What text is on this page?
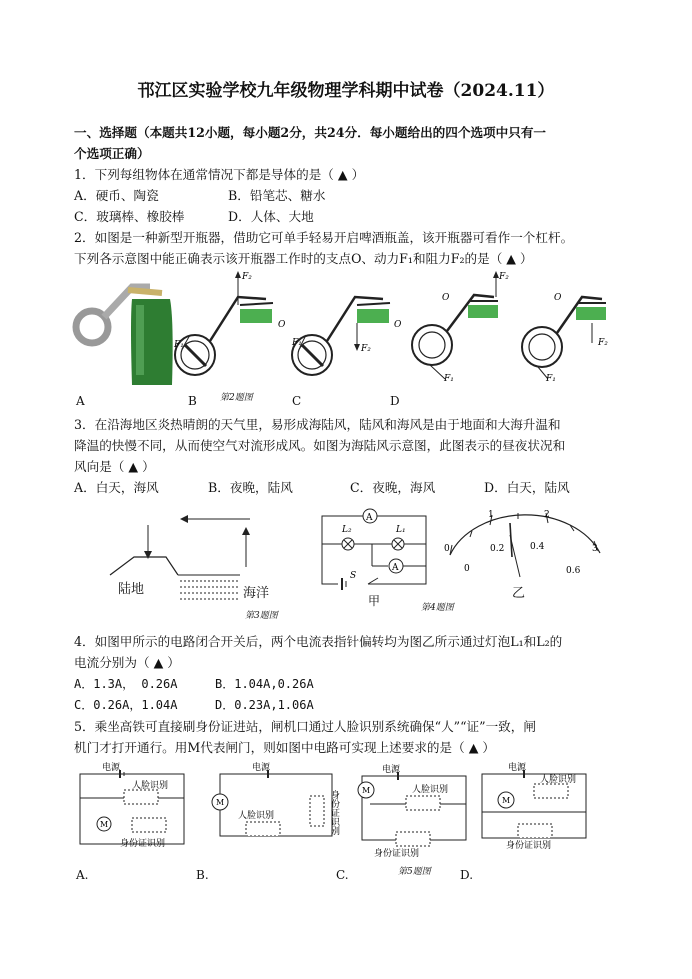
邗江区实验学校九年级物理学科期中试卷（2024.11）
一、选择题（本题共12小题，每小题2分，共24分．每小题给出的四个选项中只有一
个选项正确）
1．下列每组物体在通常情况下都是导体的是（ ▲ ）
A．硬币、陶瓷	B．铅笔芯、糖水
C．玻璃棒、橡胶棒	D．人体、大地
2．如图是一种新型开瓶器，借助它可单手轻易开启啤酒瓶盖，该开瓶器可看作一个杠杆。
下列各示意图中能正确表示该开瓶器工作时的支点O、动力F₁和阻力F₂的是（ ▲ ）
F₂
O
F₁	F₂
O
F₁
O
F₂
F₁
O
F₂
F₁
A	B	第2题图	C	D
3．在沿海地区炎热晴朗的天气里，易形成海陆风，陆风和海风是由于地面和大海升温和
降温的快慢不同，从而使空气对流形成风。如图为海陆风示意图，此图表示的昼夜状况和
风向是（ ▲ ）
A．白天，海风	B．夜晚，陆风	C．夜晚，海风	D．白天，陆风
陆地	海洋
第3题图
A
L₂	L₁
A
S
甲	第4题图
0
1	2
3
0
0.2	0.4
0.6
乙
4．如图甲所示的电路闭合开关后，两个电流表指针偏转均为图乙所示通过灯泡L₁和L₂的
电流分别为（ ▲ ）
A．1.3A， 0.26A	B．1.04A,0.26A
C．0.26A，1.04A	D．0.23A,1.06A
5．乘坐高铁可直接刷身份证进站，闸机口通过人脸识别系统确保“人”“证”一致，闸
机门才打开通行。用M代表闸门，则如图中电路可实现上述要求的是（ ▲ ）
电源
人脸识别
M
身份证识别
电源
M
人脸识别	身份证识别
电源
M	人脸识别
身份证识别
电源
M
人脸识别
身份证识别
A.	B.	C.	第5题图 D.
